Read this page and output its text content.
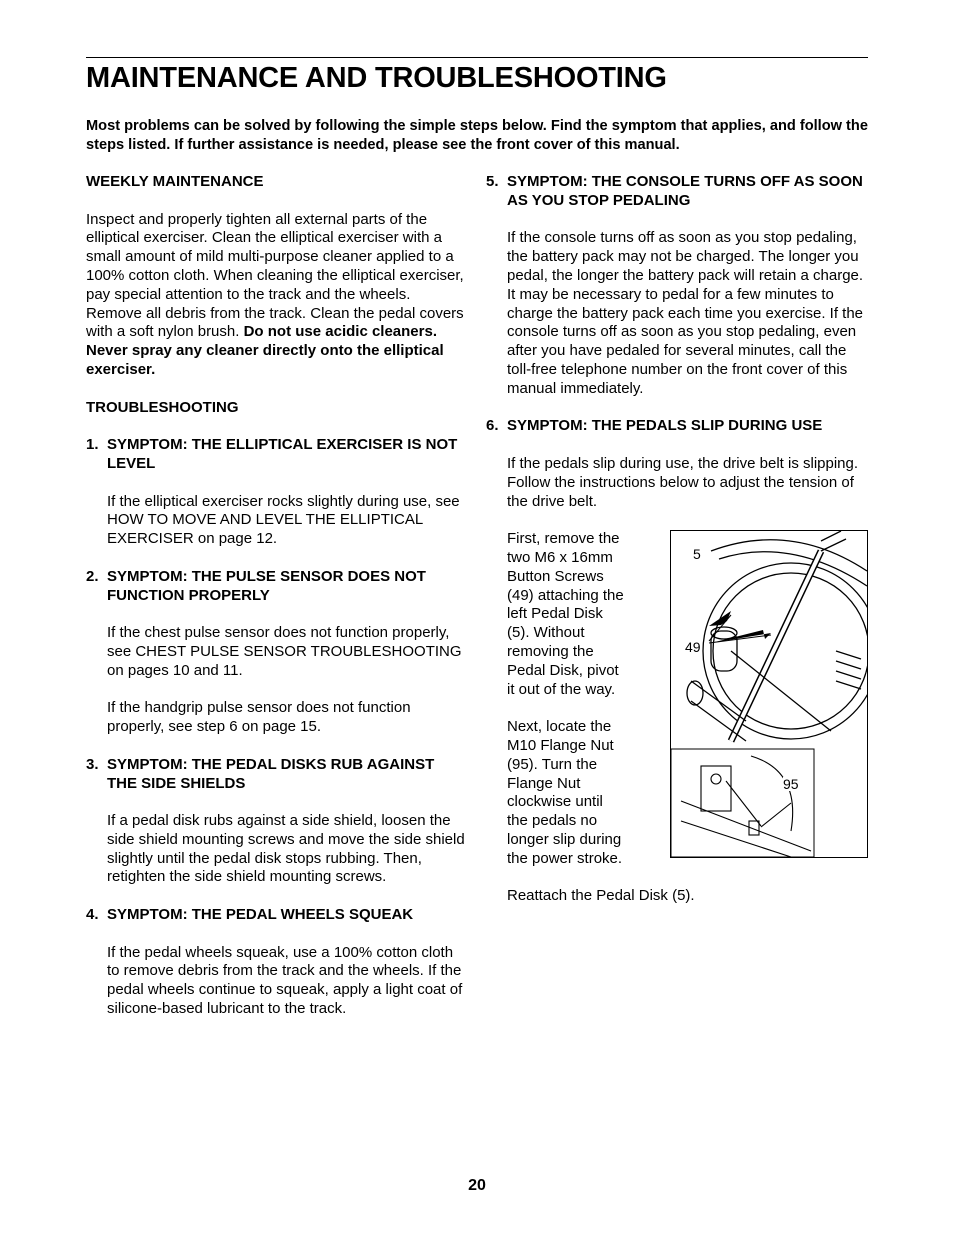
MAINTENANCE AND TROUBLESHOOTING

Most problems can be solved by following the simple steps below. Find the symptom that applies, and follow the steps listed. If further assistance is needed, please see the front cover of this manual.

WEEKLY MAINTENANCE

Inspect and properly tighten all external parts of the elliptical exerciser. Clean the elliptical exerciser with a small amount of mild multi-purpose cleaner applied to a 100% cotton cloth. When cleaning the elliptical exerciser, pay special attention to the track and the wheels. Remove all debris from the track. Clean the pedal covers with a soft nylon brush. Do not use acidic cleaners. Never spray any cleaner directly onto the elliptical exerciser.

TROUBLESHOOTING

1. SYMPTOM: THE ELLIPTICAL EXERCISER IS NOT LEVEL

If the elliptical exerciser rocks slightly during use, see HOW TO MOVE AND LEVEL THE ELLIPTICAL EXERCISER on page 12.

2. SYMPTOM: THE PULSE SENSOR DOES NOT FUNCTION PROPERLY

If the chest pulse sensor does not function properly, see CHEST PULSE SENSOR TROUBLESHOOTING on pages 10 and 11.

If the handgrip pulse sensor does not function properly, see step 6 on page 15.

3. SYMPTOM: THE PEDAL DISKS RUB AGAINST THE SIDE SHIELDS

If a pedal disk rubs against a side shield, loosen the side shield mounting screws and move the side shield slightly until the pedal disk stops rubbing. Then, retighten the side shield mounting screws.

4. SYMPTOM: THE PEDAL WHEELS SQUEAK

If the pedal wheels squeak, use a 100% cotton cloth to remove debris from the track and the wheels. If the pedal wheels continue to squeak, apply a light coat of silicone-based lubricant to the track.

5. SYMPTOM: THE CONSOLE TURNS OFF AS SOON AS YOU STOP PEDALING

If the console turns off as soon as you stop pedaling, the battery pack may not be charged. The longer you pedal, the longer the battery pack will retain a charge. It may be necessary to pedal for a few minutes to charge the battery pack each time you exercise. If the console turns off as soon as you stop pedaling, even after you have pedaled for several minutes, call the toll-free telephone number on the front cover of this manual immediately.

6. SYMPTOM: THE PEDALS SLIP DURING USE

If the pedals slip during use, the drive belt is slipping. Follow the instructions below to adjust the tension of the drive belt.

First, remove the two M6 x 16mm Button Screws (49) attaching the left Pedal Disk (5). Without removing the Pedal Disk, pivot it out of the way.

Next, locate the M10 Flange Nut (95). Turn the Flange Nut clockwise until the pedals no longer slip during the power stroke.

5
49
95

Reattach the Pedal Disk (5).

20
